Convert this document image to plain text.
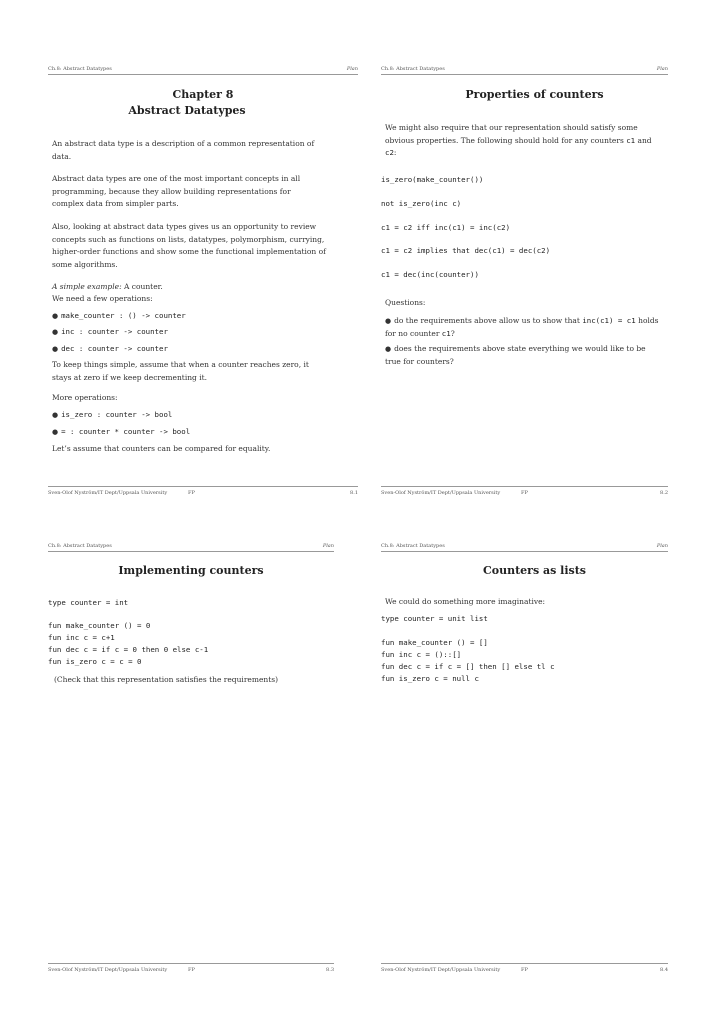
Ch.8: Abstract Datatypes	Plan
Chapter 8
Abstract Datatypes
An abstract data type is a description of a common representation of data.
Abstract data types are one of the most important concepts in all programming, because they allow building representations for complex data from simpler parts.
Also, looking at abstract data types gives us an opportunity to review concepts such as functions on lists, datatypes, polymorphism, currying, higher-order functions and show some the functional implementation of some algorithms.
A simple example: A counter.
We need a few operations:
● make_counter : () -> counter
● inc : counter -> counter
● dec : counter -> counter
To keep things simple, assume that when a counter reaches zero, it stays at zero if we keep decrementing it.
More operations:
● is_zero : counter -> bool
● = : counter * counter -> bool
Let’s assume that counters can be compared for equality.
Sven-Olof Nyström/IT Dept/Uppsala University	FP	8.1
Ch.8: Abstract Datatypes	Plan
Properties of counters
We might also require that our representation should satisfy some obvious properties. The following should hold for any counters c1 and c2:
is_zero(make_counter())
not is_zero(inc c)
c1 = c2 iff inc(c1) = inc(c2)
c1 = c2 implies that dec(c1) = dec(c2)
c1 = dec(inc(counter))
Questions:
● do the requirements above allow us to show that inc(c1) = c1 holds for no counter c1?
● does the requirements above state everything we would like to be true for counters?
Sven-Olof Nyström/IT Dept/Uppsala University	FP	8.2
Ch.8: Abstract Datatypes	Plan
Implementing counters
type counter = int
fun make_counter () = 0
fun inc c = c+1
fun dec c = if c = 0 then 0 else c-1
fun is_zero c = c = 0
(Check that this representation satisfies the requirements)
Sven-Olof Nyström/IT Dept/Uppsala University	FP	8.3
Ch.8: Abstract Datatypes	Plan
Counters as lists
We could do something more imaginative:
type counter = unit list
fun make_counter () = []
fun inc c = ()::[]
fun dec c = if c = [] then [] else tl c
fun is_zero c = null c
Sven-Olof Nyström/IT Dept/Uppsala University	FP	8.4
